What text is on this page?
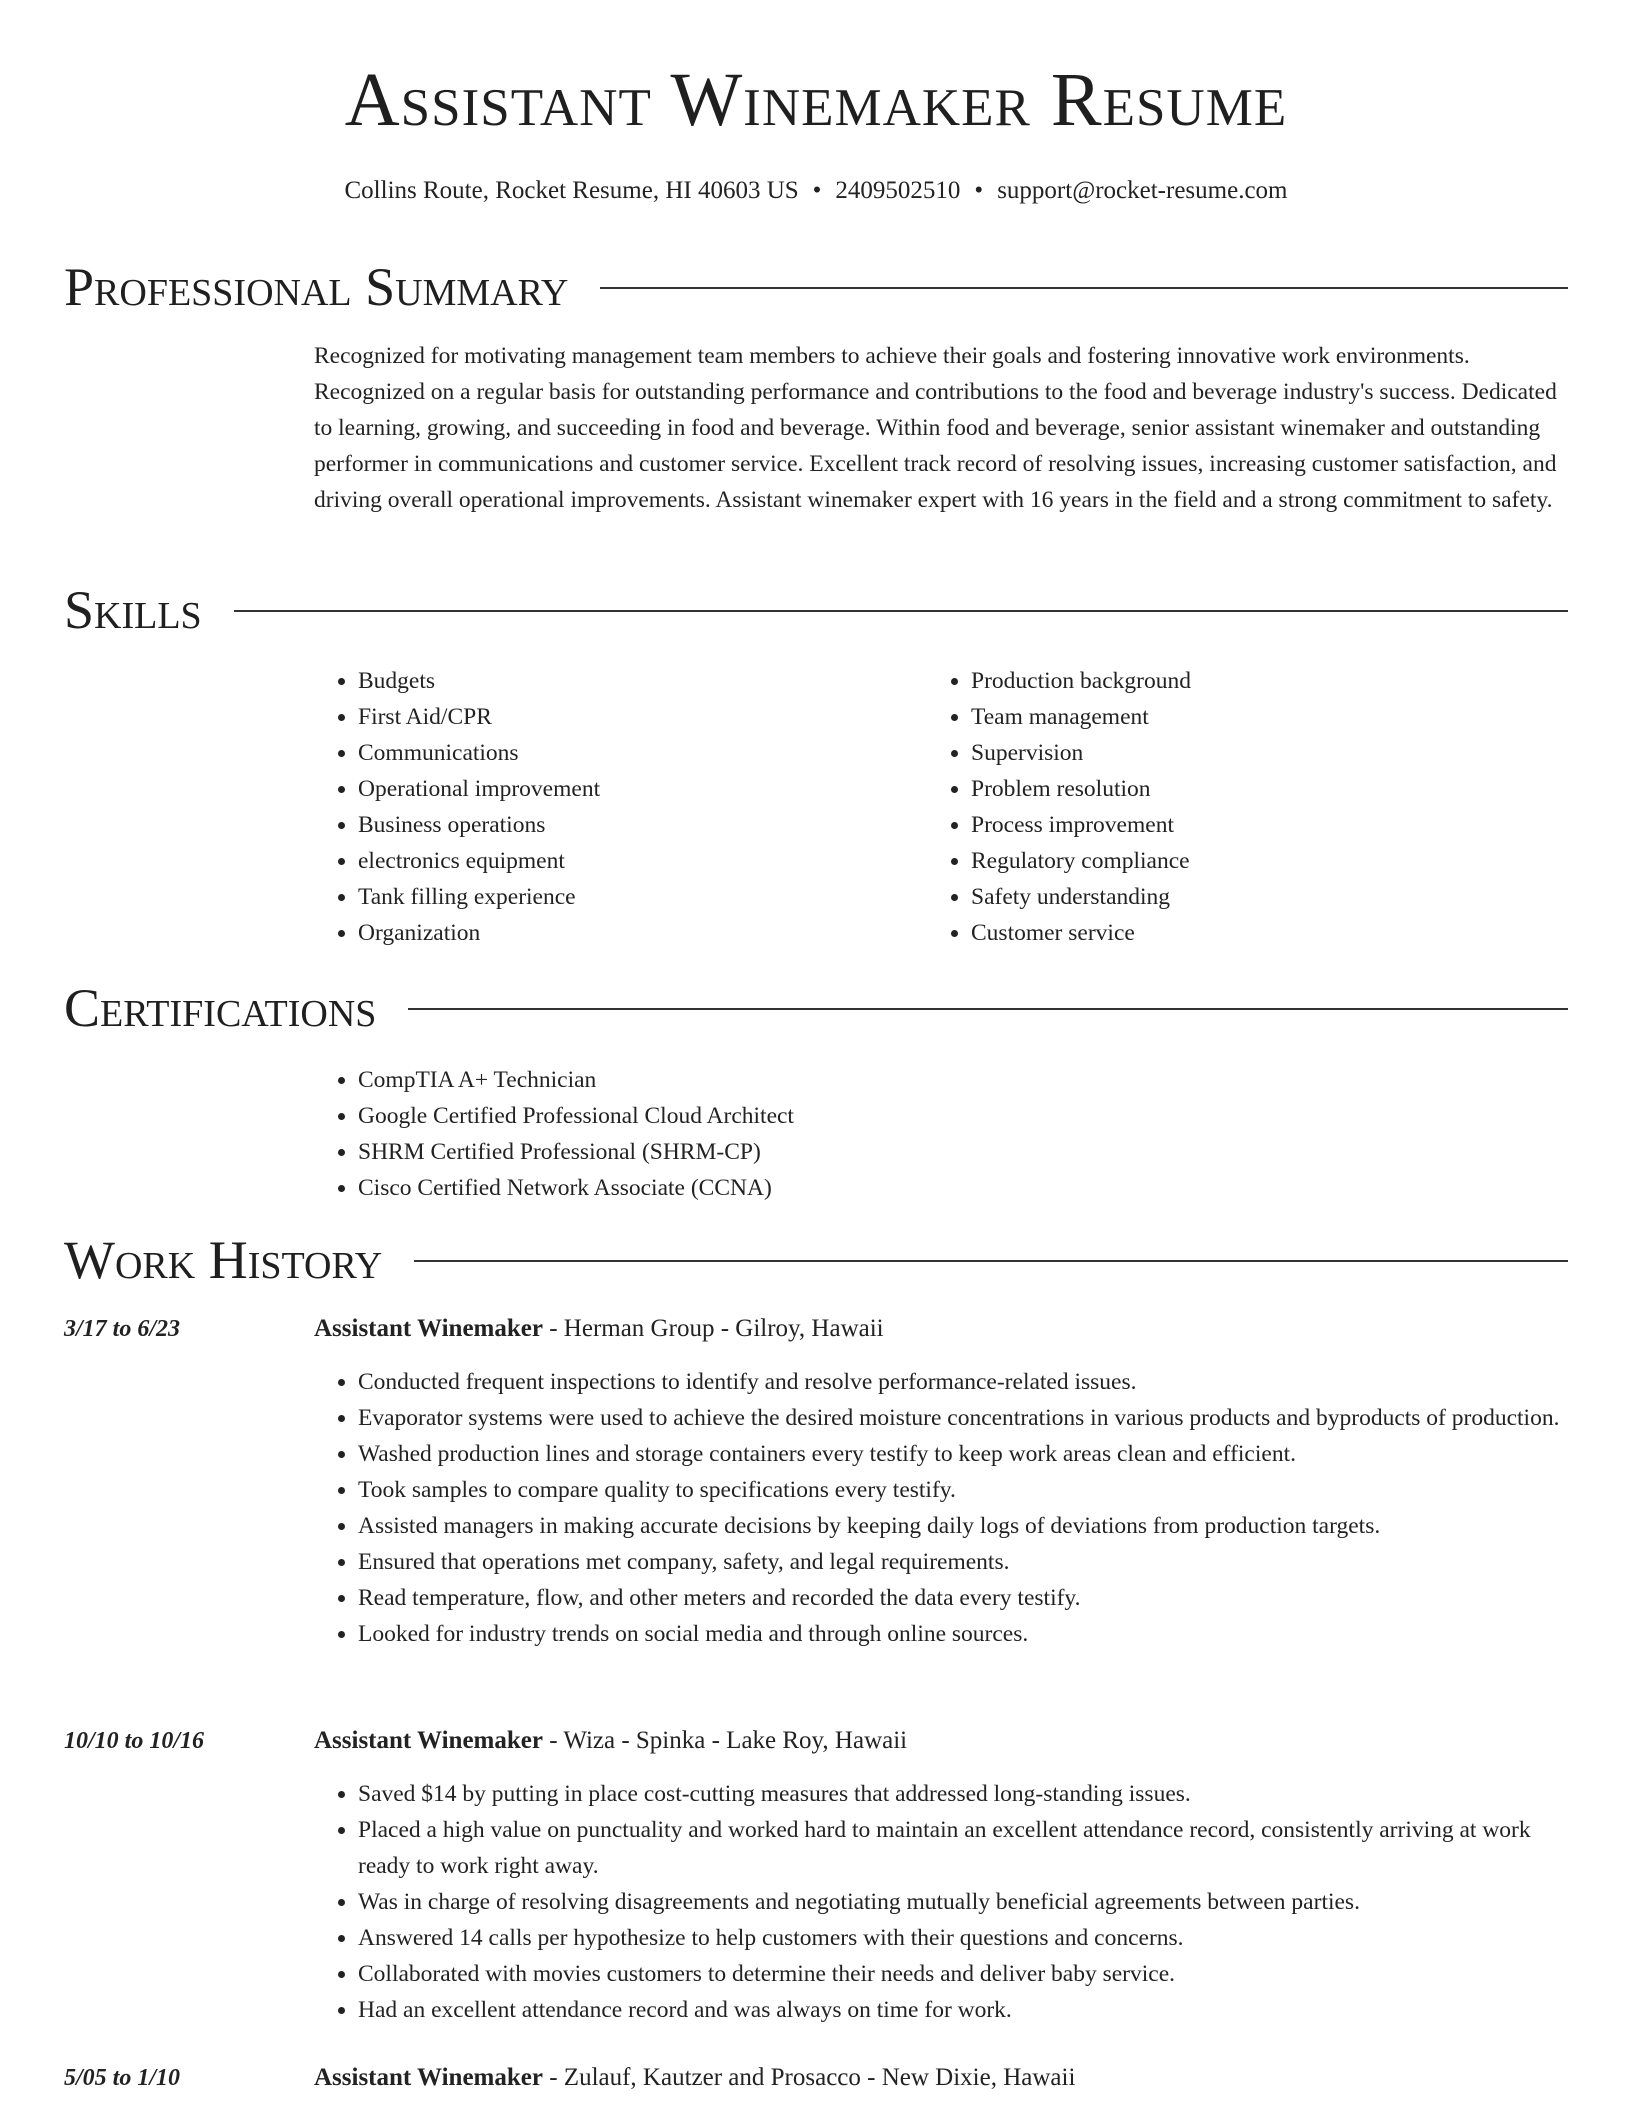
Assistant Winemaker Resume
Collins Route, Rocket Resume, HI 40603 US • 2409502510 • support@rocket-resume.com
Professional Summary

Recognized for motivating management team members to achieve their goals and fostering innovative work environments. Recognized on a regular basis for outstanding performance and contributions to the food and beverage industry's success. Dedicated to learning, growing, and succeeding in food and beverage. Within food and beverage, senior assistant winemaker and outstanding performer in communications and customer service. Excellent track record of resolving issues, increasing customer satisfaction, and driving overall operational improvements. Assistant winemaker expert with 16 years in the field and a strong commitment to safety.

Skills
• Budgets
• First Aid/CPR
• Communications
• Operational improvement
• Business operations
• electronics equipment
• Tank filling experience
• Organization
• Production background
• Team management
• Supervision
• Problem resolution
• Process improvement
• Regulatory compliance
• Safety understanding
• Customer service
Certifications
• CompTIA A+ Technician
• Google Certified Professional Cloud Architect
• SHRM Certified Professional (SHRM-CP)
• Cisco Certified Network Associate (CCNA)
Work History
3/17 to 6/23	Assistant Winemaker - Herman Group - Gilroy, Hawaii
• Conducted frequent inspections to identify and resolve performance-related issues.
• Evaporator systems were used to achieve the desired moisture concentrations in various products and byproducts of production.
• Washed production lines and storage containers every testify to keep work areas clean and efficient.
• Took samples to compare quality to specifications every testify.
• Assisted managers in making accurate decisions by keeping daily logs of deviations from production targets.
• Ensured that operations met company, safety, and legal requirements.
• Read temperature, flow, and other meters and recorded the data every testify.
• Looked for industry trends on social media and through online sources.
10/10 to 10/16	Assistant Winemaker - Wiza - Spinka - Lake Roy, Hawaii
• Saved $14 by putting in place cost-cutting measures that addressed long-standing issues.
• Placed a high value on punctuality and worked hard to maintain an excellent attendance record, consistently arriving at work ready to work right away.
• Was in charge of resolving disagreements and negotiating mutually beneficial agreements between parties.
• Answered 14 calls per hypothesize to help customers with their questions and concerns.
• Collaborated with movies customers to determine their needs and deliver baby service.
• Had an excellent attendance record and was always on time for work.
5/05 to 1/10	Assistant Winemaker - Zulauf, Kautzer and Prosacco - New Dixie, Hawaii
